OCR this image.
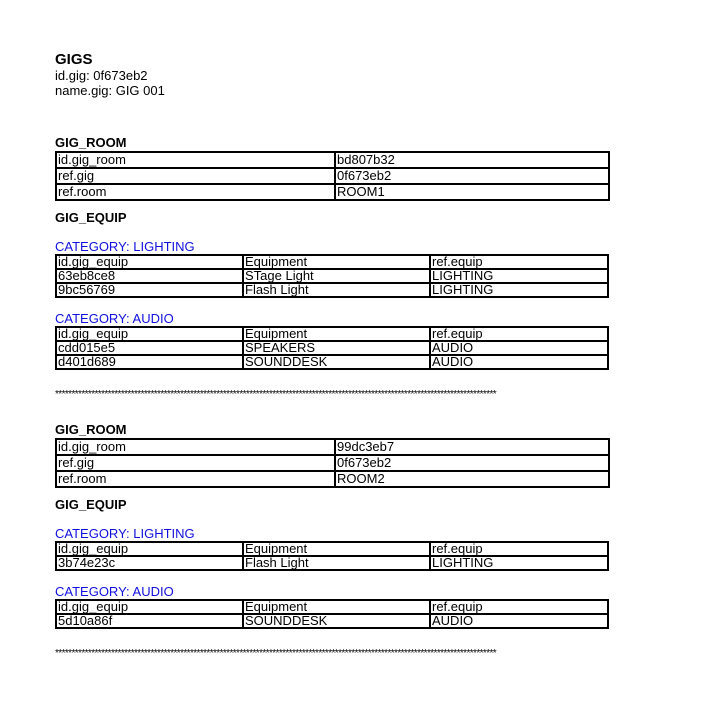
GIGS
id.gig: 0f673eb2
name.gig: GIG 001
GIG_ROOM
id.gig_room	bd807b32
ref.gig	0f673eb2
ref.room	ROOM1
GIG_EQUIP
CATEGORY: LIGHTING
id.gig_equip	Equipment	ref.equip
63eb8ce8	STage Light	LIGHTING
9bc56769	Flash Light	LIGHTING
CATEGORY: AUDIO
id.gig_equip	Equipment	ref.equip
cdd015e5	SPEAKERS	AUDIO
d401d689	SOUNDDESK	AUDIO
**************************************************************************************************************************************
GIG_ROOM
id.gig_room	99dc3eb7
ref.gig	0f673eb2
ref.room	ROOM2
GIG_EQUIP
CATEGORY: LIGHTING
id.gig_equip	Equipment	ref.equip
3b74e23c	Flash Light	LIGHTING
CATEGORY: AUDIO
id.gig_equip	Equipment	ref.equip
5d10a86f	SOUNDDESK	AUDIO
**************************************************************************************************************************************
